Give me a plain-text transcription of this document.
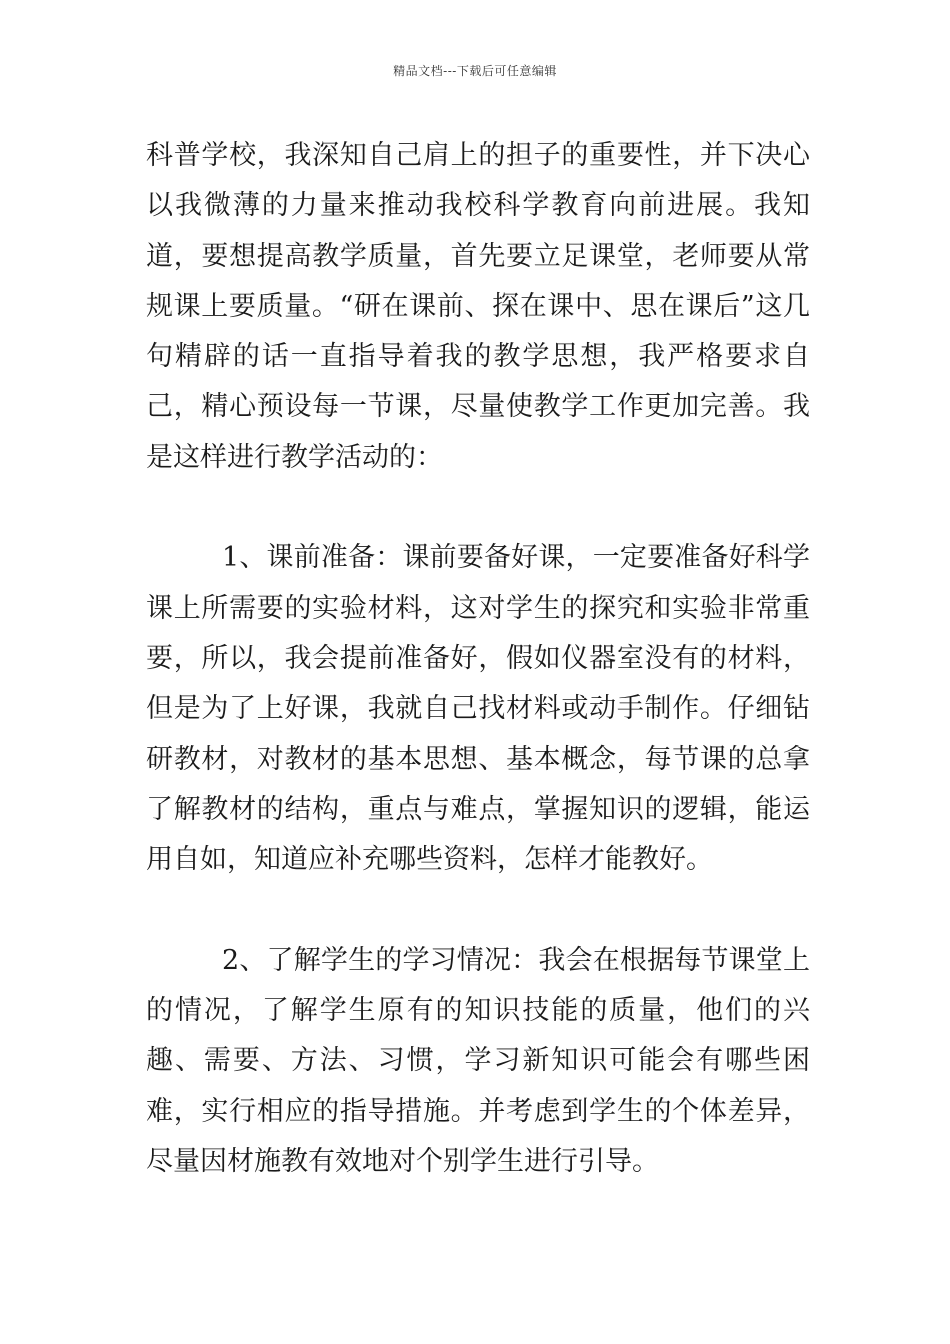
精品文档---下载后可任意编辑

科普学校，我深知自己肩上的担子的重要性，并下决心以我微薄的力量来推动我校科学教育向前进展。我知道，要想提高教学质量，首先要立足课堂，老师要从常规课上要质量。“研在课前、探在课中、思在课后”这几句精辟的话一直指导着我的教学思想，我严格要求自己，精心预设每一节课，尽量使教学工作更加完善。我是这样进行教学活动的：

1、课前准备：课前要备好课，一定要准备好科学课上所需要的实验材料，这对学生的探究和实验非常重要，所以，我会提前准备好，假如仪器室没有的材料，但是为了上好课，我就自己找材料或动手制作。仔细钻研教材，对教材的基本思想、基本概念，每节课的总拿了解教材的结构，重点与难点，掌握知识的逻辑，能运用自如，知道应补充哪些资料，怎样才能教好。

2、了解学生的学习情况：我会在根据每节课堂上的情况，了解学生原有的知识技能的质量，他们的兴趣、需要、方法、习惯，学习新知识可能会有哪些困难，实行相应的指导措施。并考虑到学生的个体差异，尽量因材施教有效地对个别学生进行引导。
